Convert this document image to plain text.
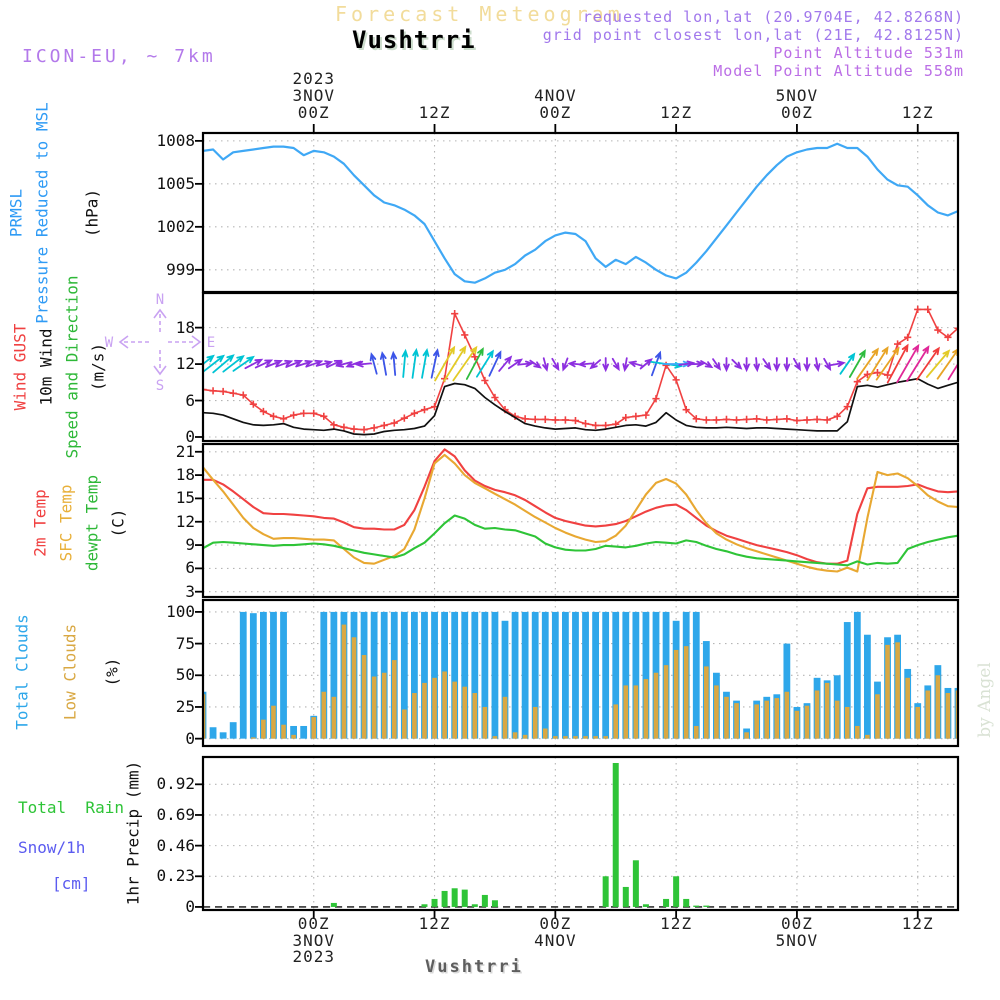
Forecast Meteogram
Vushtrri
ICON-EU, ~ 7km
requested lon,lat (20.9704E, 42.8268N)
grid point closest lon,lat (21E, 42.8125N)
Point Altitude 531m
Model Point Altitude 558m
by Angel
Vushtrri
N
S
W	E
2023
3NOV
00Z	12Z
4NOV
00Z	12Z
5NOV
00Z	12Z
00Z
3NOV
2023
12Z	00Z
4NOV
12Z	00Z
5NOV
12Z
1008
1005
1002
999
18
12
6
0
21
18
15
12
9
6
3
100
75
50
25
0
0.92
0.69
0.46
0.23
0
PRMSL Pressure Reduced to MSL (hPa)
Wind GUST 10m Wind Speed and Direction (m/s)
2m Temp SFC Temp dewpt Temp (C)
Total Clouds Low Clouds (%)
Total  Rain
Snow/1h
[cm] 1hr Precip (mm)
